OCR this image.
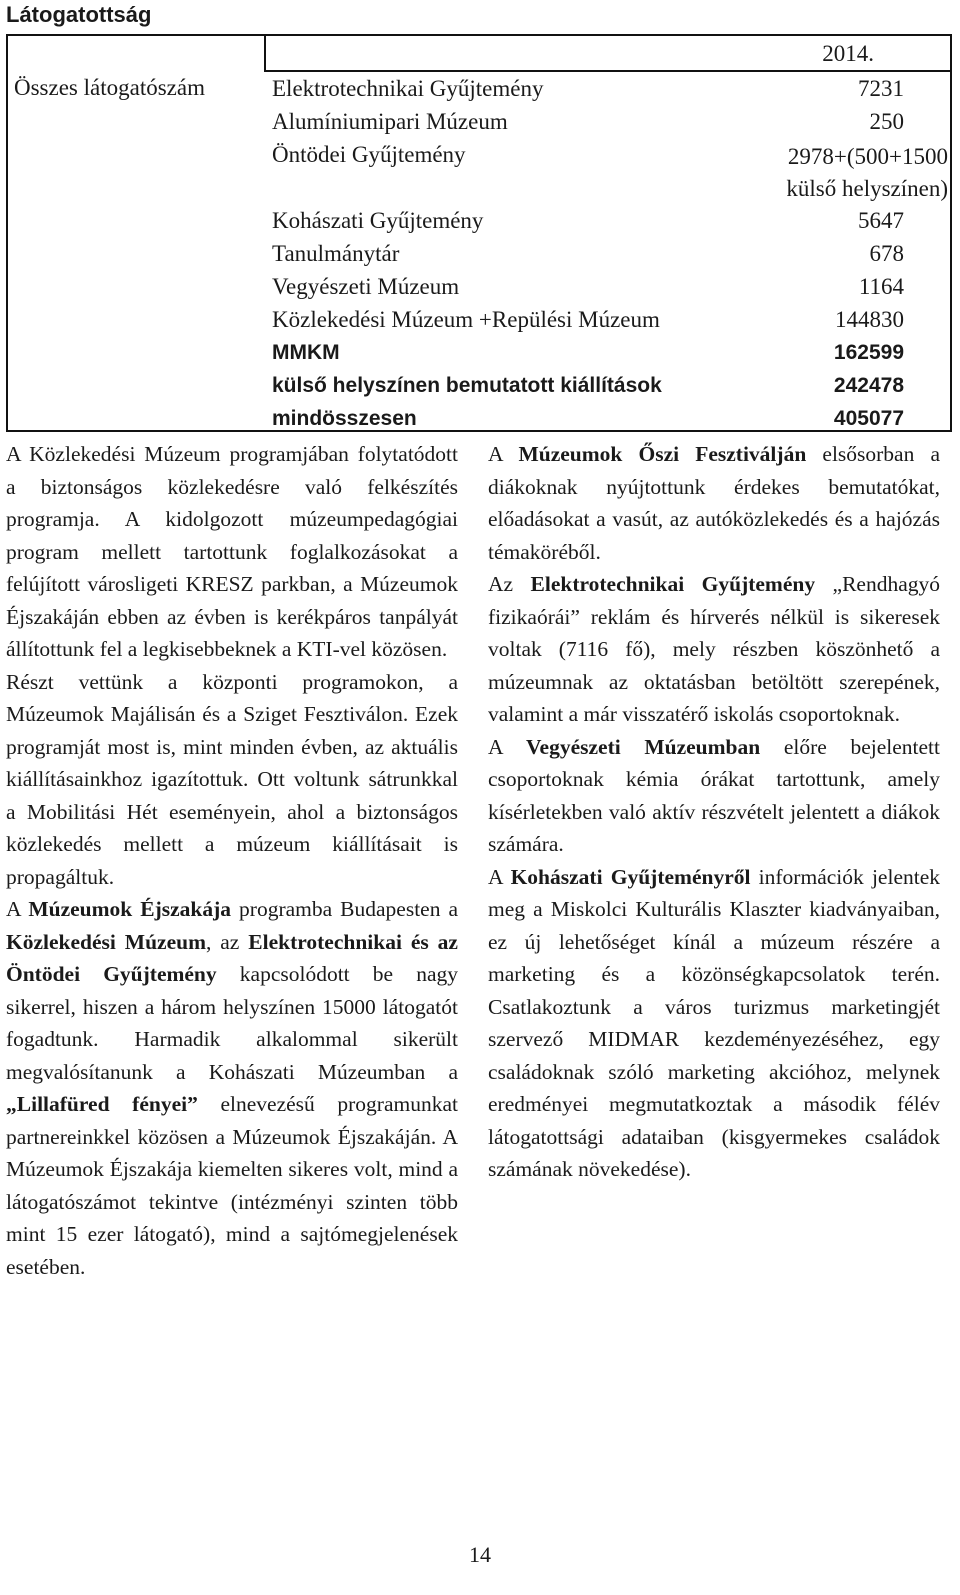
Látogatottság
2014.
Összes látogatószám	Elektrotechnikai Gyűjtemény	7231
Alumíniumipari Múzeum	250
Öntödei Gyűjtemény	2978+(500+1500
külső helyszínen)
Kohászati Gyűjtemény	5647
Tanulmánytár	678
Vegyészeti Múzeum	1164
Közlekedési Múzeum +Repülési Múzeum	144830
MMKM	162599
külső helyszínen bemutatott kiállítások	242478
mindösszesen	405077

A Közlekedési Múzeum programjában folytatódott a biztonságos közlekedésre való felkészítés programja. A kidolgozott múzeumpedagógiai program mellett tartottunk foglalkozásokat a felújított városligeti KRESZ parkban, a Múzeumok Éjszakáján ebben az évben is kerékpáros tanpályát állítottunk fel a legkisebbeknek a KTI-vel közösen.

Részt vettünk a központi programokon, a Múzeumok Majálisán és a Sziget Fesztiválon. Ezek programját most is, mint minden évben, az aktuális kiállításainkhoz igazítottuk. Ott voltunk sátrunkkal a Mobilitási Hét eseményein, ahol a biztonságos közlekedés mellett a múzeum kiállításait is propagáltuk.

A Múzeumok Éjszakája programba Budapesten a Közlekedési Múzeum, az Elektrotechnikai és az Öntödei Gyűjtemény kapcsolódott be nagy sikerrel, hiszen a három helyszínen 15000 látogatót fogadtunk. Harmadik alkalommal sikerült megvalósítanunk a Kohászati Múzeumban a „Lillafüred fényei” elnevezésű programunkat partnereinkkel közösen a Múzeumok Éjszakáján. A Múzeumok Éjszakája kiemelten sikeres volt, mind a látogatószámot tekintve (intézményi szinten több mint 15 ezer látogató), mind a sajtómegjelenések esetében.

A Múzeumok Őszi Fesztiválján elsősorban a diákoknak nyújtottunk érdekes bemutatókat, előadásokat a vasút, az autóközlekedés és a hajózás témaköréből.

Az Elektrotechnikai Gyűjtemény „Rendhagyó fizikaórái” reklám és hírverés nélkül is sikeresek voltak (7116 fő), mely részben köszönhető a múzeumnak az oktatásban betöltött szerepének, valamint a már visszatérő iskolás csoportoknak.

A Vegyészeti Múzeumban előre bejelentett csoportoknak kémia órákat tartottunk, amely kísérletekben való aktív részvételt jelentett a diákok számára.

A Kohászati Gyűjteményről információk jelentek meg a Miskolci Kulturális Klaszter kiadványaiban, ez új lehetőséget kínál a múzeum részére a marketing és a közönségkapcsolatok terén. Csatlakoztunk a város turizmus marketingjét szervező MIDMAR kezdeményezéséhez, egy családoknak szóló marketing akcióhoz, melynek eredményei megmutatkoztak a második félév látogatottsági adataiban (kisgyermekes családok számának növekedése).

14
